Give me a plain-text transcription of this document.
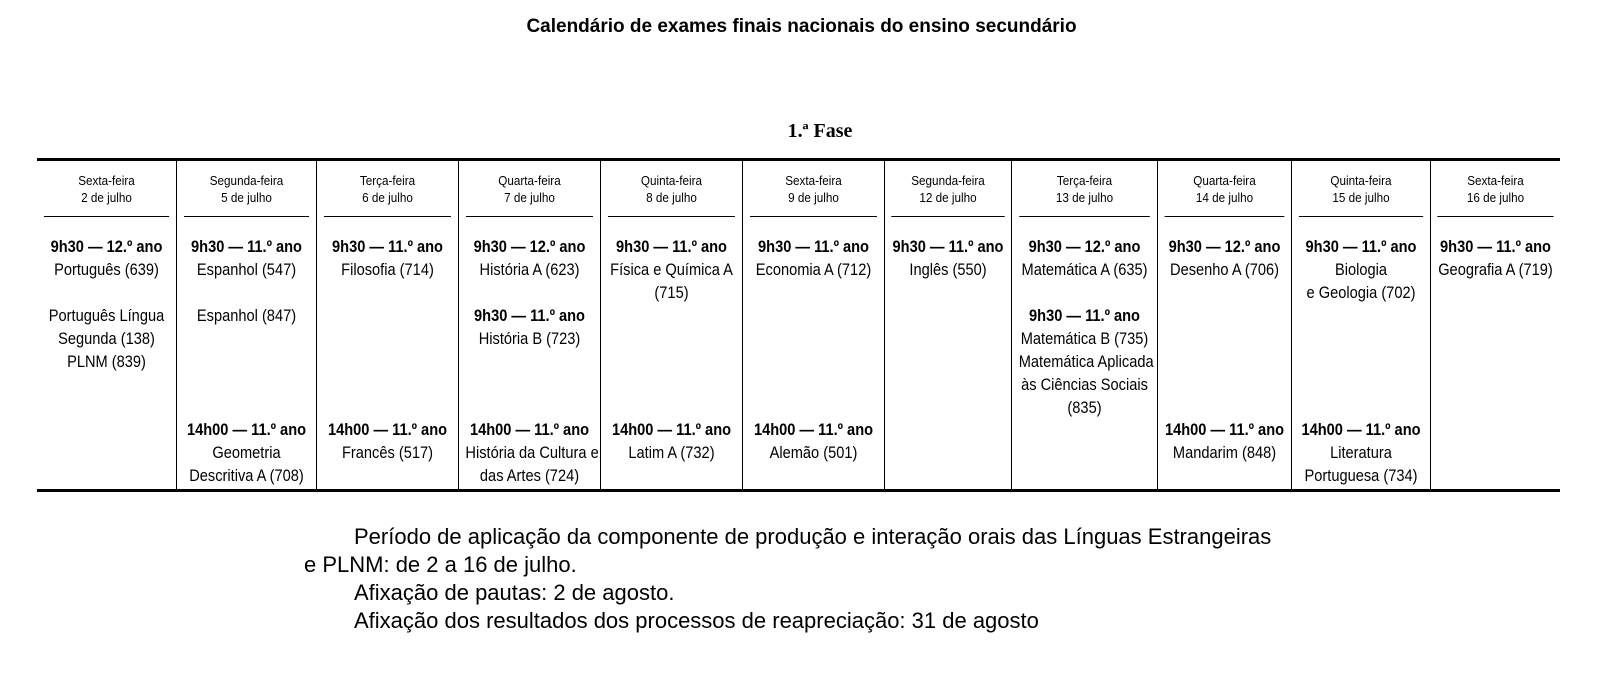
Calendário de exames finais nacionais do ensino secundário
1.ª Fase
Sexta-feira
2 de julho
9h30 — 12.º ano
Português (639)

Português Língua
Segunda (138)
PLNM (839)
Segunda-feira
5 de julho
9h30 — 11.º ano
Espanhol (547)

Espanhol (847)
14h00 — 11.º ano
Geometria
Descritiva A (708)
Terça-feira
6 de julho
9h30 — 11.º ano
Filosofia (714)
14h00 — 11.º ano
Francês (517)
Quarta-feira
7 de julho
9h30 — 12.º ano
História A (623)
9h30 — 11.º ano
História B (723)
14h00 — 11.º ano
História da Cultura e
das Artes (724)
Quinta-feira
8 de julho
9h30 — 11.º ano
Física e Química A
(715)
14h00 — 11.º ano
Latim A (732)
Sexta-feira
9 de julho
9h30 — 11.º ano
Economia A (712)
14h00 — 11.º ano
Alemão (501)
Segunda-feira
12 de julho
9h30 — 11.º ano
Inglês (550)
Terça-feira
13 de julho
9h30 — 12.º ano
Matemática A (635)
9h30 — 11.º ano
Matemática B (735)
Matemática Aplicada
às Ciências Sociais
(835)
Quarta-feira
14 de julho
9h30 — 12.º ano
Desenho A (706)
14h00 — 11.º ano
Mandarim (848)
Quinta-feira
15 de julho
9h30 — 11.º ano
Biologia
e Geologia (702)
14h00 — 11.º ano
Literatura
Portuguesa (734)
Sexta-feira
16 de julho
9h30 — 11.º ano
Geografia A (719)
Período de aplicação da componente de produção e interação orais das Línguas Estrangeiras
e PLNM: de 2 a 16 de julho.
Afixação de pautas: 2 de agosto.
Afixação dos resultados dos processos de reapreciação: 31 de agosto
